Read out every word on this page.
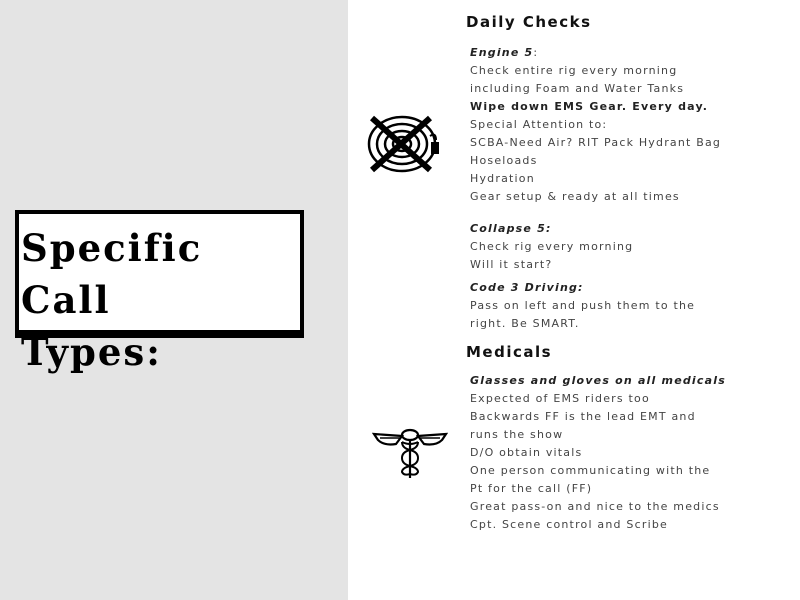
Specific Call
Types:

Daily Checks
Engine 5:
Check entire rig every morning
including Foam and Water Tanks
Wipe down EMS Gear. Every day.
Special Attention to:
SCBA-Need Air? RIT Pack Hydrant Bag
Hoseloads
Hydration
Gear setup & ready at all times
Collapse 5:
Check rig every morning
Will it start?
Code 3 Driving:
Pass on left and push them to the
right. Be SMART.
Medicals
Glasses and gloves on all medicals
Expected of EMS riders too
Backwards FF is the lead EMT and
runs the show
D/O obtain vitals
One person communicating with the
Pt for the call (FF)
Great pass-on and nice to the medics
Cpt. Scene control and Scribe
